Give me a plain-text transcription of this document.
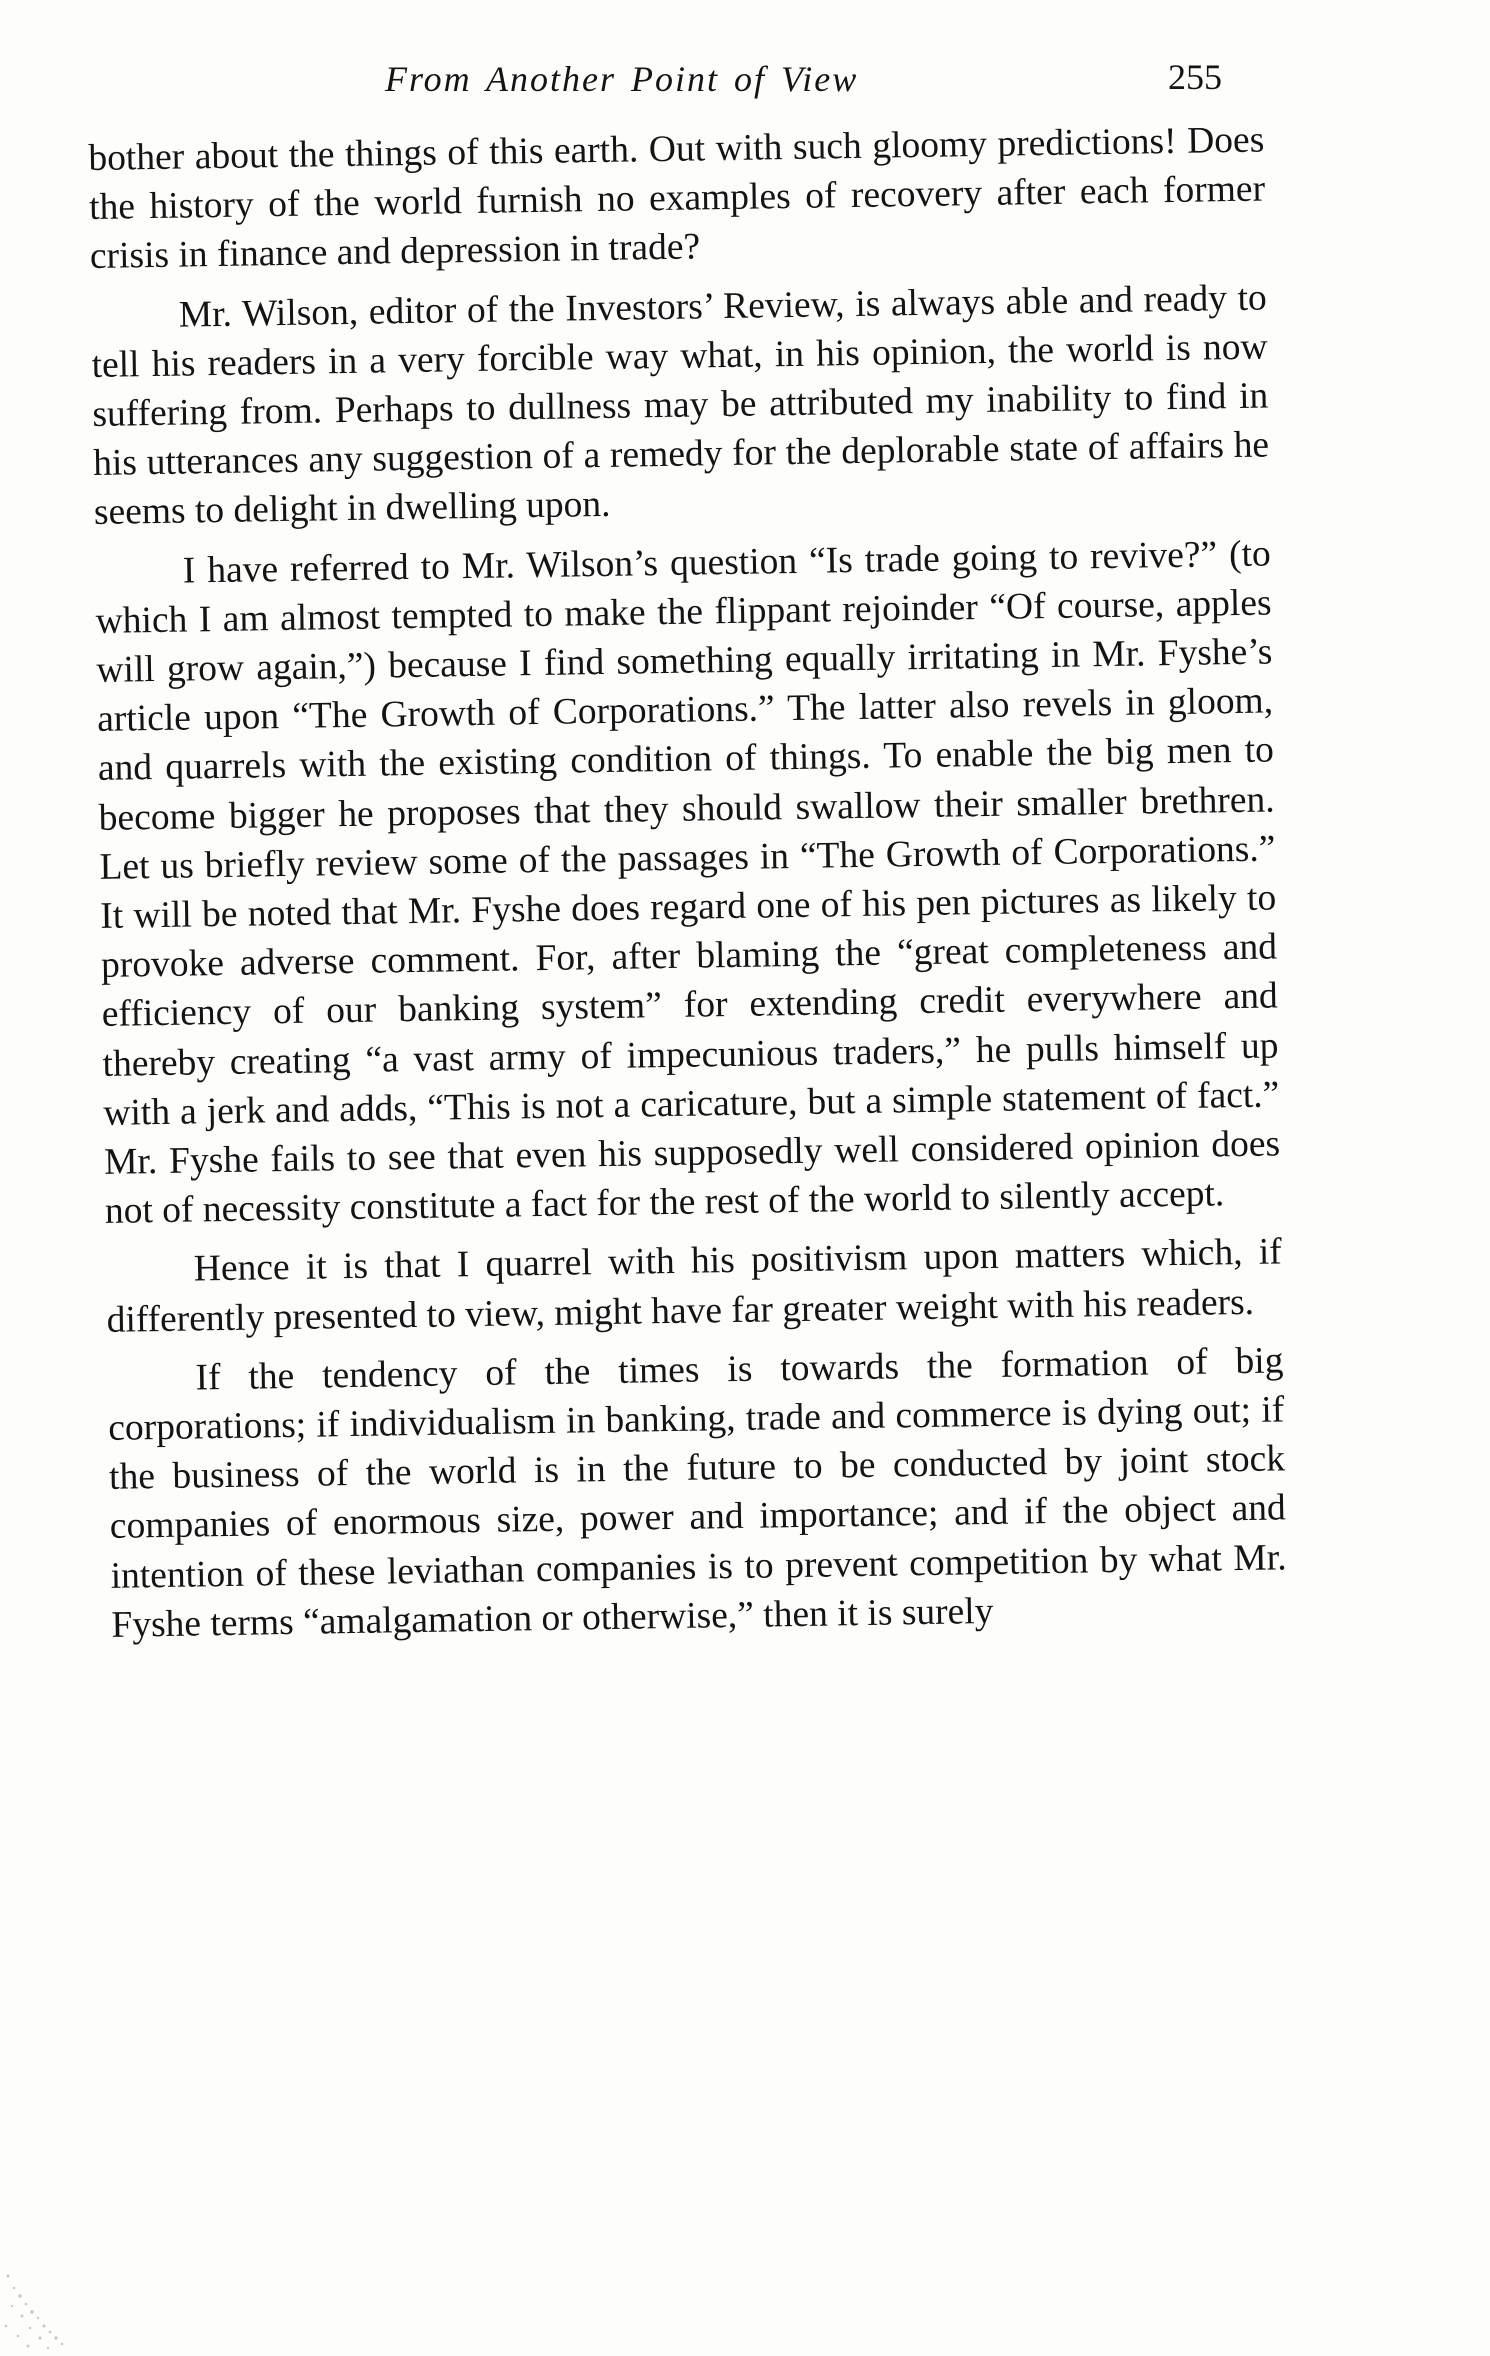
From Another Point of View	255

bother about the things of this earth. Out with such gloomy predictions! Does the history of the world furnish no examples of recovery after each former crisis in finance and depression in trade?

Mr. Wilson, editor of the Investors’ Review, is always able and ready to tell his readers in a very forcible way what, in his opinion, the world is now suffering from. Perhaps to dullness may be attributed my inability to find in his utterances any suggestion of a remedy for the deplorable state of affairs he seems to delight in dwelling upon.

I have referred to Mr. Wilson’s question “Is trade going to revive?” (to which I am almost tempted to make the flippant rejoinder “Of course, apples will grow again,”) because I find something equally irritating in Mr. Fyshe’s article upon “The Growth of Corporations.” The latter also revels in gloom, and quarrels with the existing condition of things. To enable the big men to become bigger he proposes that they should swallow their smaller brethren. Let us briefly review some of the passages in “The Growth of Corporations.” It will be noted that Mr. Fyshe does regard one of his pen pictures as likely to provoke adverse comment. For, after blaming the “great completeness and efficiency of our banking system” for extending credit everywhere and thereby creating “a vast army of impecunious traders,” he pulls himself up with a jerk and adds, “This is not a caricature, but a simple statement of fact.” Mr. Fyshe fails to see that even his supposedly well considered opinion does not of necessity constitute a fact for the rest of the world to silently accept.

Hence it is that I quarrel with his positivism upon matters which, if differently presented to view, might have far greater weight with his readers.

If the tendency of the times is towards the formation of big corporations; if individualism in banking, trade and commerce is dying out; if the business of the world is in the future to be conducted by joint stock companies of enormous size, power and importance; and if the object and intention of these leviathan companies is to prevent competition by what Mr. Fyshe terms “amalgamation or otherwise,” then it is surely
